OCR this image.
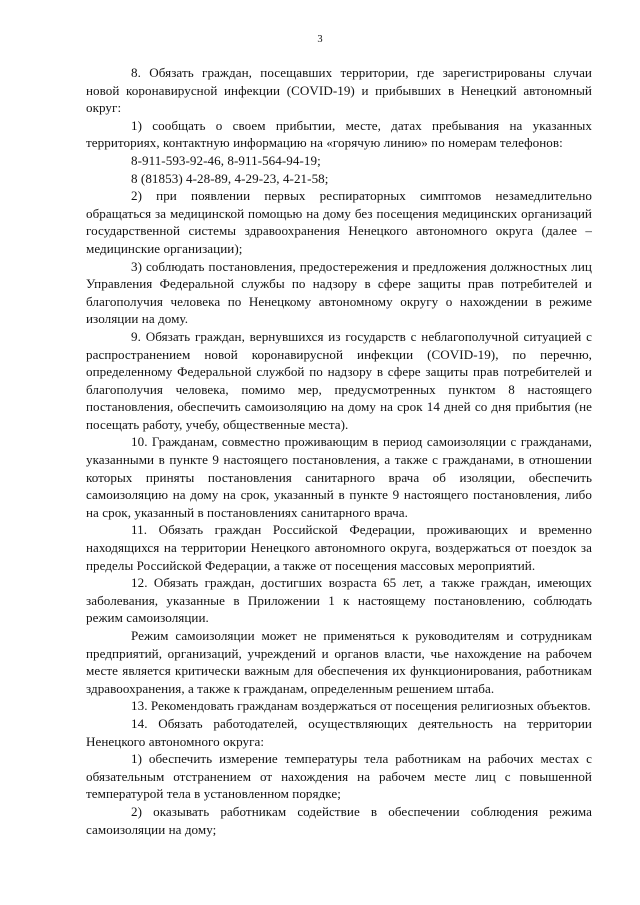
3

8. Обязать граждан, посещавших территории, где зарегистрированы случаи новой коронавирусной инфекции (COVID-19) и прибывших в Ненецкий автономный округ:

1) сообщать о своем прибытии, месте, датах пребывания на указанных территориях, контактную информацию на «горячую линию» по номерам телефонов:

8-911-593-92-46, 8-911-564-94-19;

8 (81853) 4-28-89, 4-29-23, 4-21-58;

2) при появлении первых респираторных симптомов незамедлительно обращаться за медицинской помощью на дому без посещения медицинских организаций государственной системы здравоохранения Ненецкого автономного округа (далее – медицинские организации);

3) соблюдать постановления, предостережения и предложения должностных лиц Управления Федеральной службы по надзору в сфере защиты прав потребителей и благополучия человека по Ненецкому автономному округу о нахождении в режиме изоляции на дому.

9. Обязать граждан, вернувшихся из государств с неблагополучной ситуацией с распространением новой коронавирусной инфекции (COVID-19), по перечню, определенному Федеральной службой по надзору в сфере защиты прав потребителей и благополучия человека, помимо мер, предусмотренных пунктом 8 настоящего постановления, обеспечить самоизоляцию на дому на срок 14 дней со дня прибытия (не посещать работу, учебу, общественные места).

10. Гражданам, совместно проживающим в период самоизоляции с гражданами, указанными в пункте 9 настоящего постановления, а также с гражданами, в отношении которых приняты постановления санитарного врача об изоляции, обеспечить самоизоляцию на дому на срок, указанный в пункте 9 настоящего постановления, либо на срок, указанный в постановлениях санитарного врача.

11. Обязать граждан Российской Федерации, проживающих и временно находящихся на территории Ненецкого автономного округа, воздержаться от поездок за пределы Российской Федерации, а также от посещения массовых мероприятий.

12. Обязать граждан, достигших возраста 65 лет, а также граждан, имеющих заболевания, указанные в Приложении 1 к настоящему постановлению, соблюдать режим самоизоляции.

Режим самоизоляции может не применяться к руководителям и сотрудникам предприятий, организаций, учреждений и органов власти, чье нахождение на рабочем месте является критически важным для обеспечения их функционирования, работникам здравоохранения, а также к гражданам, определенным решением штаба.

13. Рекомендовать гражданам воздержаться от посещения религиозных объектов.

14. Обязать работодателей, осуществляющих деятельность на территории Ненецкого автономного округа:

1) обеспечить измерение температуры тела работникам на рабочих местах с обязательным отстранением от нахождения на рабочем месте лиц с повышенной температурой тела в установленном порядке;

2) оказывать работникам содействие в обеспечении соблюдения режима самоизоляции на дому;
